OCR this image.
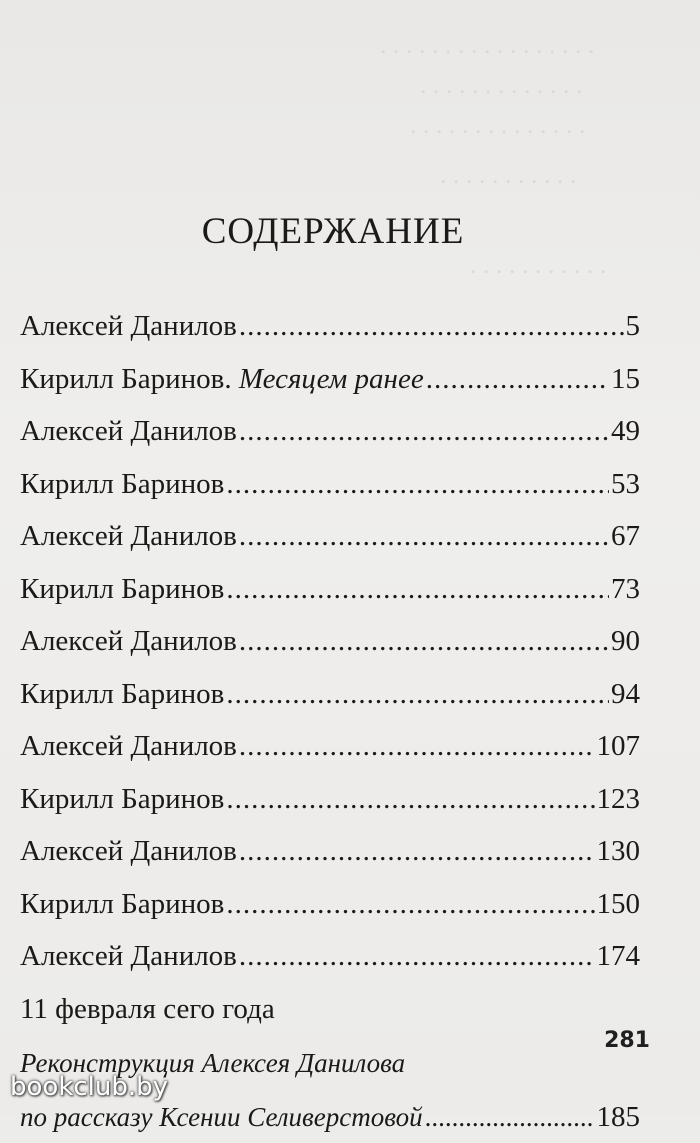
. . . . . . . . . . . . . . . . .
. . . . . . . . . . . . .
. . . . . . . . . . . . . .
. . . . . . . . . . .
. . . . . . . . . . .
СОДЕРЖАНИЕ
Алексей Данилов .....	5
Кирилл Баринов. Месяцем ранее .....	15
Алексей Данилов .....	49
Кирилл Баринов .....	53
Алексей Данилов .....	67
Кирилл Баринов .....	73
Алексей Данилов .....	90
Кирилл Баринов .....	94
Алексей Данилов .....	107
Кирилл Баринов .....	123
Алексей Данилов .....	130
Кирилл Баринов .....	150
Алексей Данилов .....	174
11 февраля сего года
Реконструкция Алексея Данилова
по рассказу Ксении Селиверстовой .....	185
281
bookclub.by
